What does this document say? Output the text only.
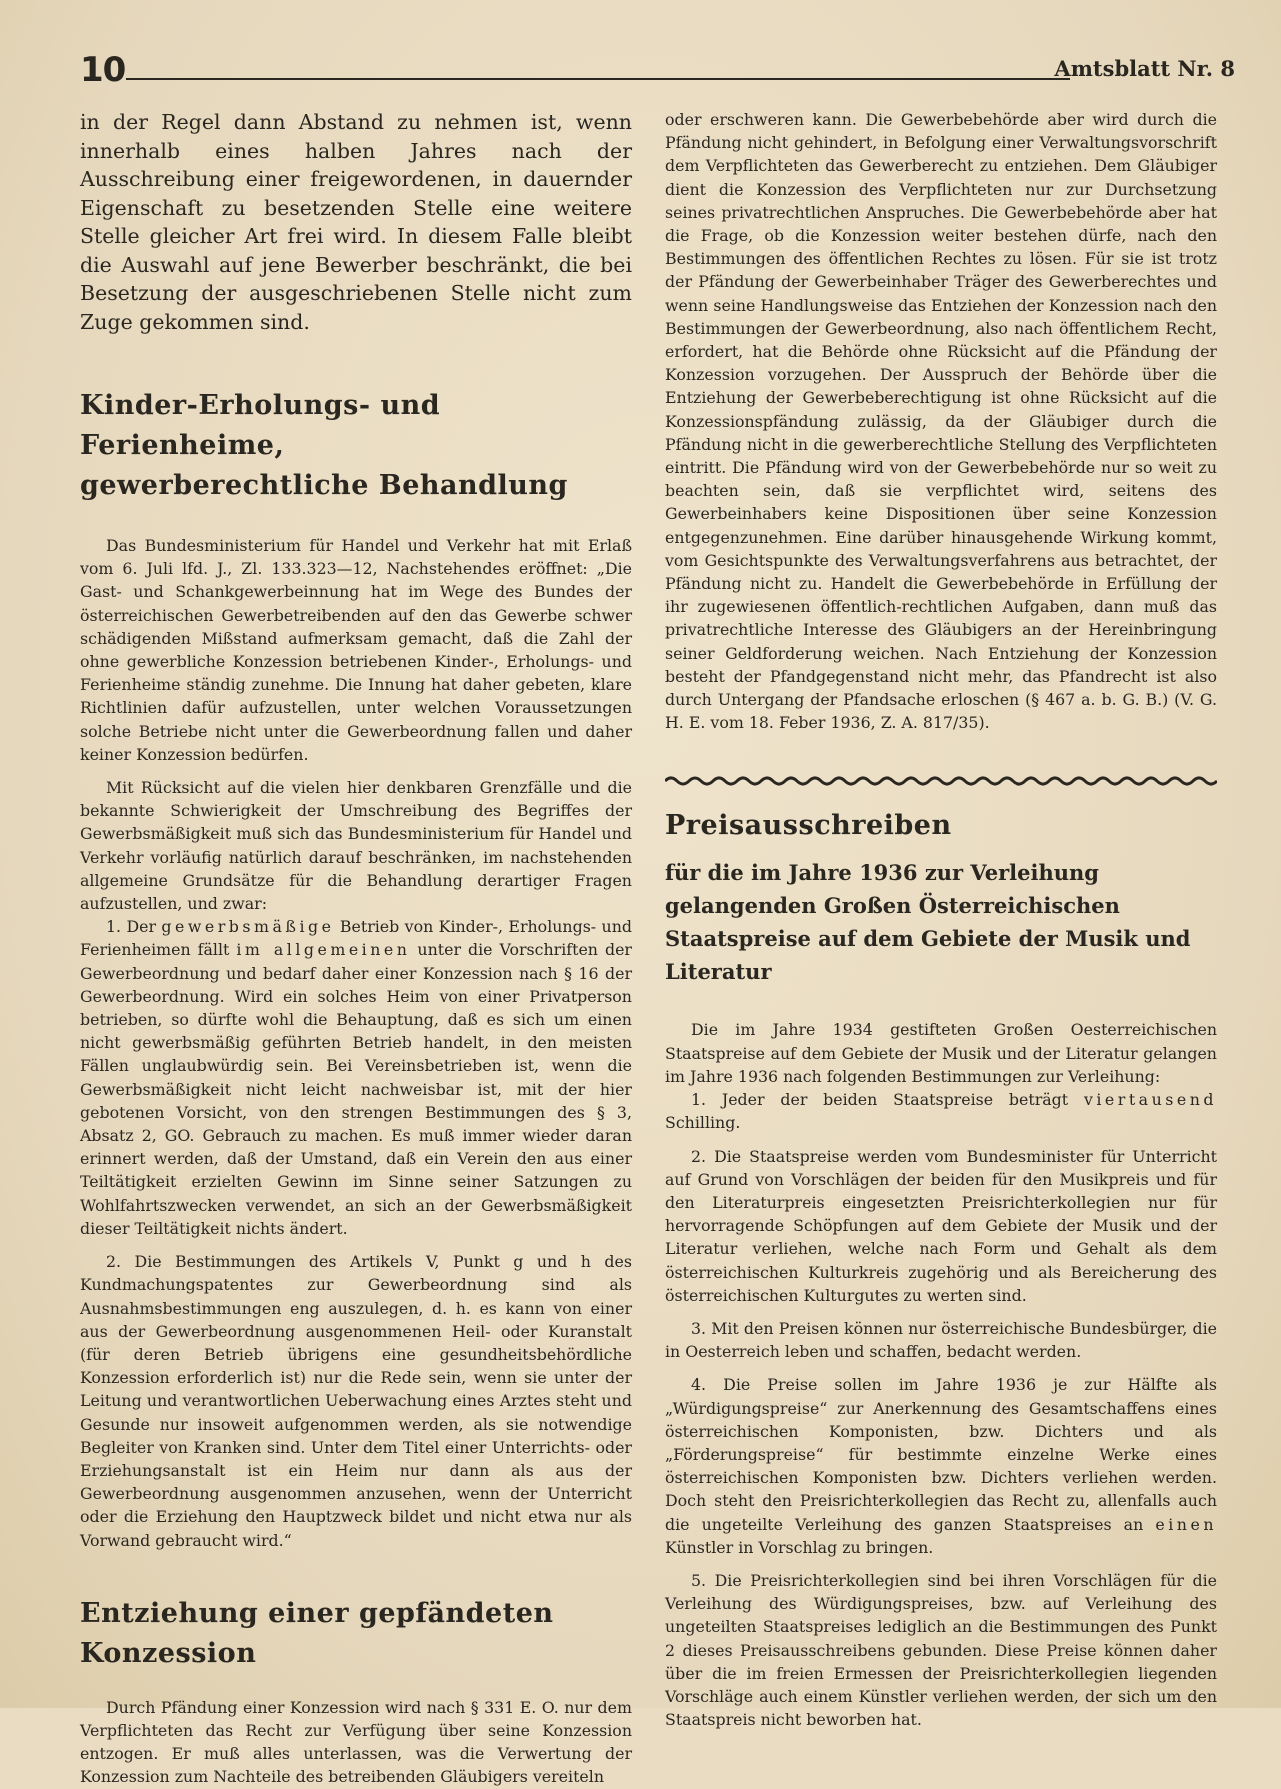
10	Amtsblatt Nr. 8

in der Regel dann Abstand zu nehmen ist, wenn innerhalb eines halben Jahres nach der Ausschreibung einer freigewordenen, in dauernder Eigenschaft zu besetzenden Stelle eine weitere Stelle gleicher Art frei wird. In diesem Falle bleibt die Auswahl auf jene Bewerber beschränkt, die bei Besetzung der ausgeschriebenen Stelle nicht zum Zuge gekommen sind.

Kinder-Erholungs- und Ferienheime,
gewerberechtliche Behandlung

Das Bundesministerium für Handel und Verkehr hat mit Erlaß vom 6. Juli lfd. J., Zl. 133.323—12, Nachstehendes eröffnet: „Die Gast- und Schankgewerbeinnung hat im Wege des Bundes der österreichischen Gewerbetreibenden auf den das Gewerbe schwer schädigenden Mißstand aufmerksam gemacht, daß die Zahl der ohne gewerbliche Konzession betriebenen Kinder-, Erholungs- und Ferienheime ständig zunehme. Die Innung hat daher gebeten, klare Richtlinien dafür aufzustellen, unter welchen Voraussetzungen solche Betriebe nicht unter die Gewerbeordnung fallen und daher keiner Konzession bedürfen.

Mit Rücksicht auf die vielen hier denkbaren Grenzfälle und die bekannte Schwierigkeit der Umschreibung des Begriffes der Gewerbsmäßigkeit muß sich das Bundesministerium für Handel und Verkehr vorläufig natürlich darauf beschränken, im nachstehenden allgemeine Grundsätze für die Behandlung derartiger Fragen aufzustellen, und zwar:

1. Der gewerbsmäßige Betrieb von Kinder-, Erholungs- und Ferienheimen fällt im allgemeinen unter die Vorschriften der Gewerbeordnung und bedarf daher einer Konzession nach § 16 der Gewerbeordnung. Wird ein solches Heim von einer Privatperson betrieben, so dürfte wohl die Behauptung, daß es sich um einen nicht gewerbsmäßig geführten Betrieb handelt, in den meisten Fällen unglaubwürdig sein. Bei Vereinsbetrieben ist, wenn die Gewerbsmäßigkeit nicht leicht nachweisbar ist, mit der hier gebotenen Vorsicht, von den strengen Bestimmungen des § 3, Absatz 2, GO. Gebrauch zu machen. Es muß immer wieder daran erinnert werden, daß der Umstand, daß ein Verein den aus einer Teiltätigkeit erzielten Gewinn im Sinne seiner Satzungen zu Wohlfahrtszwecken verwendet, an sich an der Gewerbsmäßigkeit dieser Teiltätigkeit nichts ändert.

2. Die Bestimmungen des Artikels V, Punkt g und h des Kundmachungspatentes zur Gewerbeordnung sind als Ausnahmsbestimmungen eng auszulegen, d. h. es kann von einer aus der Gewerbeordnung ausgenommenen Heil- oder Kuranstalt (für deren Betrieb übrigens eine gesundheitsbehördliche Konzession erforderlich ist) nur die Rede sein, wenn sie unter der Leitung und verantwortlichen Ueberwachung eines Arztes steht und Gesunde nur insoweit aufgenommen werden, als sie notwendige Begleiter von Kranken sind. Unter dem Titel einer Unterrichts- oder Erziehungsanstalt ist ein Heim nur dann als aus der Gewerbeordnung ausgenommen anzusehen, wenn der Unterricht oder die Erziehung den Hauptzweck bildet und nicht etwa nur als Vorwand gebraucht wird.“

Entziehung einer gepfändeten Konzession

Durch Pfändung einer Konzession wird nach § 331 E. O. nur dem Verpflichteten das Recht zur Verfügung über seine Konzession entzogen. Er muß alles unterlassen, was die Verwertung der Konzession zum Nachteile des betreibenden Gläubigers vereiteln

oder erschweren kann. Die Gewerbebehörde aber wird durch die Pfändung nicht gehindert, in Befolgung einer Verwaltungsvorschrift dem Verpflichteten das Gewerberecht zu entziehen. Dem Gläubiger dient die Konzession des Verpflichteten nur zur Durchsetzung seines privatrechtlichen Anspruches. Die Gewerbebehörde aber hat die Frage, ob die Konzession weiter bestehen dürfe, nach den Bestimmungen des öffentlichen Rechtes zu lösen. Für sie ist trotz der Pfändung der Gewerbeinhaber Träger des Gewerberechtes und wenn seine Handlungsweise das Entziehen der Konzession nach den Bestimmungen der Gewerbeordnung, also nach öffentlichem Recht, erfordert, hat die Behörde ohne Rücksicht auf die Pfändung der Konzession vorzugehen. Der Ausspruch der Behörde über die Entziehung der Gewerbeberechtigung ist ohne Rücksicht auf die Konzessionspfändung zulässig, da der Gläubiger durch die Pfändung nicht in die gewerberechtliche Stellung des Verpflichteten eintritt. Die Pfändung wird von der Gewerbebehörde nur so weit zu beachten sein, daß sie verpflichtet wird, seitens des Gewerbeinhabers keine Dispositionen über seine Konzession entgegenzunehmen. Eine darüber hinausgehende Wirkung kommt, vom Gesichtspunkte des Verwaltungsverfahrens aus betrachtet, der Pfändung nicht zu. Handelt die Gewerbebehörde in Erfüllung der ihr zugewiesenen öffentlich-rechtlichen Aufgaben, dann muß das privatrechtliche Interesse des Gläubigers an der Hereinbringung seiner Geldforderung weichen. Nach Entziehung der Konzession besteht der Pfandgegenstand nicht mehr, das Pfandrecht ist also durch Untergang der Pfandsache erloschen (§ 467 a. b. G. B.) (V. G. H. E. vom 18. Feber 1936, Z. A. 817/35).

Preisausschreiben
für die im Jahre 1936 zur Verleihung gelangenden Großen Österreichischen Staatspreise auf dem Gebiete der Musik und Literatur

Die im Jahre 1934 gestifteten Großen Oesterreichischen Staatspreise auf dem Gebiete der Musik und der Literatur gelangen im Jahre 1936 nach folgenden Bestimmungen zur Verleihung:

1. Jeder der beiden Staatspreise beträgt viertausend Schilling.

2. Die Staatspreise werden vom Bundesminister für Unterricht auf Grund von Vorschlägen der beiden für den Musikpreis und für den Literaturpreis eingesetzten Preisrichterkollegien nur für hervorragende Schöpfungen auf dem Gebiete der Musik und der Literatur verliehen, welche nach Form und Gehalt als dem österreichischen Kulturkreis zugehörig und als Bereicherung des österreichischen Kulturgutes zu werten sind.

3. Mit den Preisen können nur österreichische Bundesbürger, die in Oesterreich leben und schaffen, bedacht werden.

4. Die Preise sollen im Jahre 1936 je zur Hälfte als „Würdigungspreise“ zur Anerkennung des Gesamtschaffens eines österreichischen Komponisten, bzw. Dichters und als „Förderungspreise“ für bestimmte einzelne Werke eines österreichischen Komponisten bzw. Dichters verliehen werden. Doch steht den Preisrichterkollegien das Recht zu, allenfalls auch die ungeteilte Verleihung des ganzen Staatspreises an einen Künstler in Vorschlag zu bringen.

5. Die Preisrichterkollegien sind bei ihren Vorschlägen für die Verleihung des Würdigungspreises, bzw. auf Verleihung des ungeteilten Staatspreises lediglich an die Bestimmungen des Punkt 2 dieses Preisausschreibens gebunden. Diese Preise können daher über die im freien Ermessen der Preisrichterkollegien liegenden Vorschläge auch einem Künstler verliehen werden, der sich um den Staatspreis nicht beworben hat.
